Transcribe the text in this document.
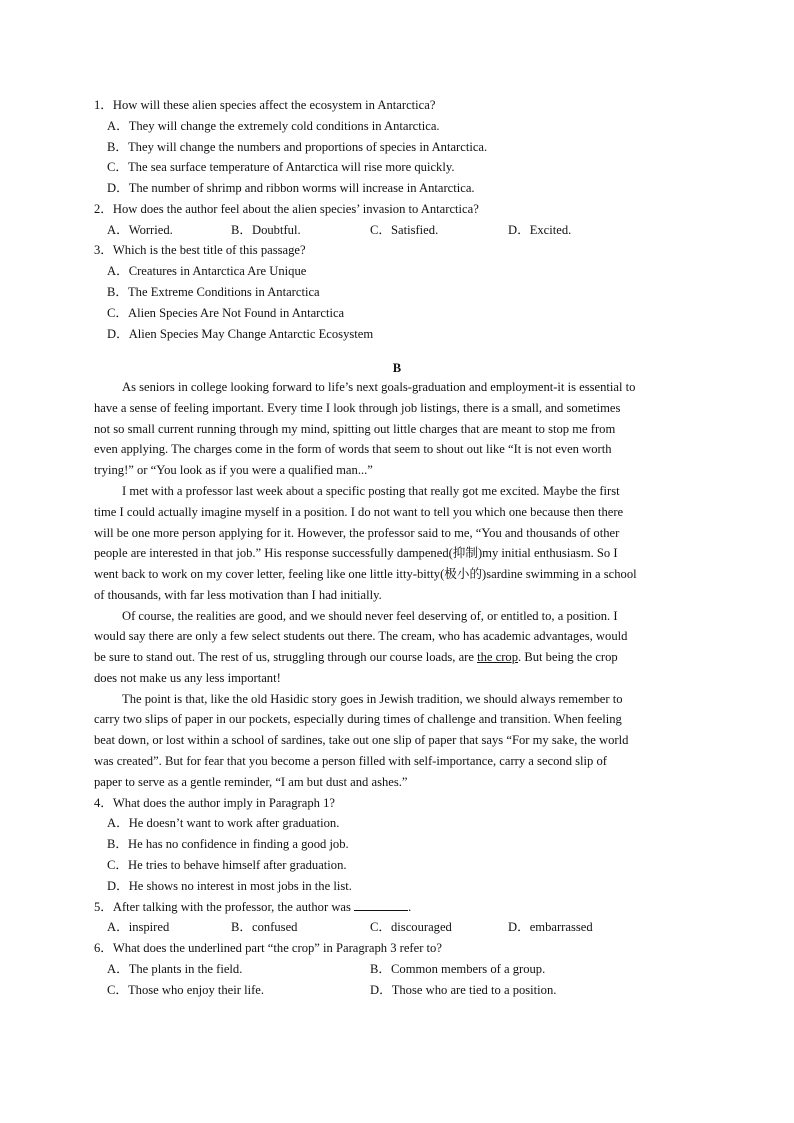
1．How will these alien species affect the ecosystem in Antarctica?
A．They will change the extremely cold conditions in Antarctica.
B．They will change the numbers and proportions of species in Antarctica.
C．The sea surface temperature of Antarctica will rise more quickly.
D．The number of shrimp and ribbon worms will increase in Antarctica.
2．How does the author feel about the alien species’ invasion to Antarctica?
A．Worried.	B．Doubtful.	C．Satisfied.	D．Excited.
3．Which is the best title of this passage?
A．Creatures in Antarctica Are Unique
B．The Extreme Conditions in Antarctica
C．Alien Species Are Not Found in Antarctica
D．Alien Species May Change Antarctic Ecosystem
B
As seniors in college looking forward to life’s next goals-graduation and employment-it is essential to
have a sense of feeling important. Every time I look through job listings, there is a small, and sometimes
not so small current running through my mind, spitting out little charges that are meant to stop me from
even applying. The charges come in the form of words that seem to shout out like “It is not even worth
trying!” or “You look as if you were a qualified man...”
I met with a professor last week about a specific posting that really got me excited. Maybe the first
time I could actually imagine myself in a position. I do not want to tell you which one because then there
will be one more person applying for it. However, the professor said to me, “You and thousands of other
people are interested in that job.” His response successfully dampened(抑制)my initial enthusiasm. So I
went back to work on my cover letter, feeling like one little itty-bitty(极小的)sardine swimming in a school
of thousands, with far less motivation than I had initially.
Of course, the realities are good, and we should never feel deserving of, or entitled to, a position. I
would say there are only a few select students out there. The cream, who has academic advantages, would
be sure to stand out. The rest of us, struggling through our course loads, are the crop. But being the crop
does not make us any less important!
The point is that, like the old Hasidic story goes in Jewish tradition, we should always remember to
carry two slips of paper in our pockets, especially during times of challenge and transition. When feeling
beat down, or lost within a school of sardines, take out one slip of paper that says “For my sake, the world
was created”. But for fear that you become a person filled with self-importance, carry a second slip of
paper to serve as a gentle reminder, “I am but dust and ashes.”
4．What does the author imply in Paragraph 1?
A．He doesn’t want to work after graduation.
B．He has no confidence in finding a good job.
C．He tries to behave himself after graduation.
D．He shows no interest in most jobs in the list.
5．After talking with the professor, the author was	.
A．inspired	B．confused	C．discouraged	D．embarrassed
6．What does the underlined part “the crop” in Paragraph 3 refer to?
A．The plants in the field.	B．Common members of a group.
C．Those who enjoy their life.	D．Those who are tied to a position.
